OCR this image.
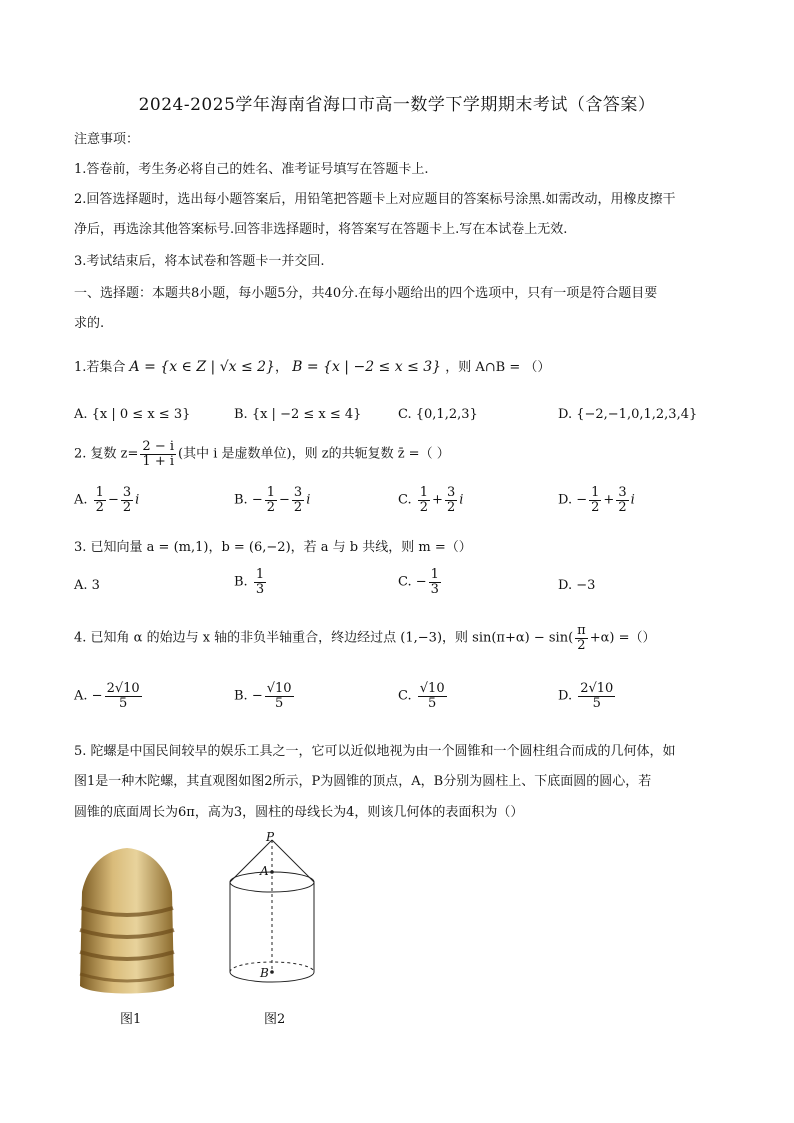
2024-2025学年海南省海口市高一数学下学期期末考试（含答案）
注意事项：
1.答卷前，考生务必将自己的姓名、准考证号填写在答题卡上.
2.回答选择题时，选出每小题答案后，用铅笔把答题卡上对应题目的答案标号涂黑.如需改动，用橡皮擦干
净后，再选涂其他答案标号.回答非选择题时，将答案写在答题卡上.写在本试卷上无效.
3.考试结束后，将本试卷和答题卡一并交回.
一、选择题：本题共8小题，每小题5分，共40分.在每小题给出的四个选项中，只有一项是符合题目要
求的.
1.若集合 A = {x ∈ Z | √x ≤ 2}， B = {x | −2 ≤ x ≤ 3} ，则 A∩B = （）
A. {x | 0 ≤ x ≤ 3}	B. {x | −2 ≤ x ≤ 4}	C. {0,1,2,3}	D. {−2,−1,0,1,2,3,4}
2. 复数 $z= \frac{2 - i}{1 + i}$ (其中 i 是虚数单位)，则 z的共轭复数 z̄ =（ ）
A. $\frac{1}{2} - \frac{3}{2}$ i	B. − $\frac{1}{2} - \frac{3}{2}$ i	C. $\frac{1}{2} + \frac{3}{2}$ i	D. − $\frac{1}{2} + \frac{3}{2}$ i
3. 已知向量 a = (m,1)，b = (6,−2)，若 a 与 b 共线，则 m =（）
A. 3	B. $\frac{1}{3}$	C. − $\frac{1}{3}$	D. −3
4. 已知角 α 的始边与 x 轴的非负半轴重合，终边经过点 (1,−3)，则 $\sin(\pi+\alpha) - \sin( \frac{\pi}{2} +\alpha)$ =（）
A. − $\frac{2√10}{5}$	B. − $\frac{√10}{5}$	C. $\frac{√10}{5}$	D. $\frac{2√10}{5}$
5. 陀螺是中国民间较早的娱乐工具之一，它可以近似地视为由一个圆锥和一个圆柱组合而成的几何体，如
图1是一种木陀螺，其直观图如图2所示，P为圆锥的顶点，A，B分别为圆柱上、下底面圆的圆心，若
圆锥的底面周长为6π，高为3，圆柱的母线长为4，则该几何体的表面积为（）
图1
P
A
B
图2
